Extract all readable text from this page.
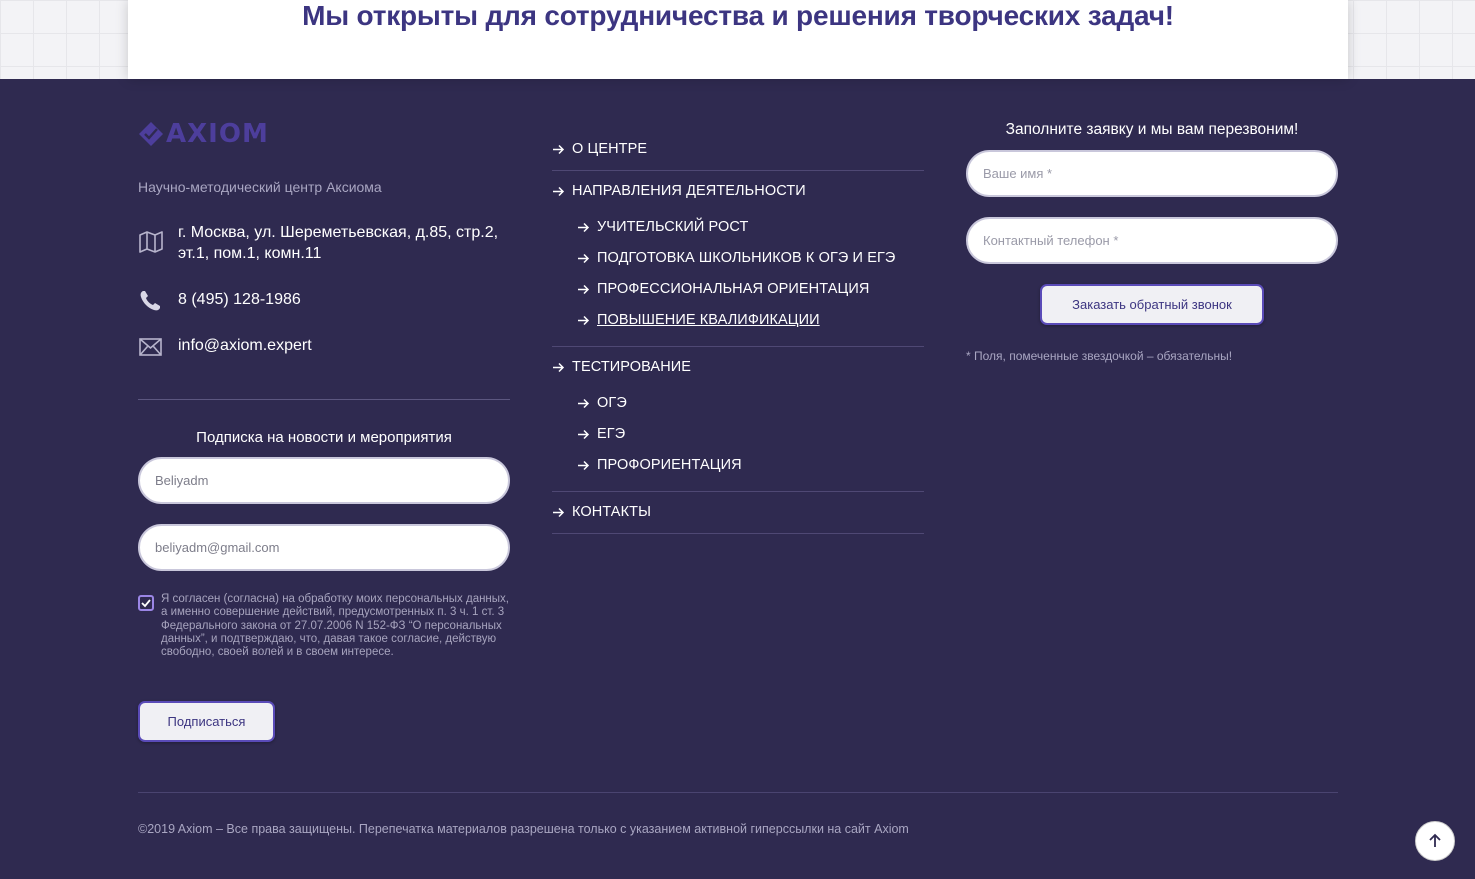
Мы открыты для сотрудничества и решения творческих задач!
AXIOM
Научно-методический центр Аксиома
г. Москва, ул. Шереметьевская, д.85, стр.2, эт.1, пом.1, комн.11
8 (495) 128-1986
info@axiom.expert
Подписка на новости и мероприятия
Beliyadm
beliyadm@gmail.com
Я согласен (согласна) на обработку моих персональных данных, а именно совершение действий, предусмотренных п. 3 ч. 1 ст. 3 Федерального закона от 27.07.2006 N 152-ФЗ “О персональных данных”, и подтверждаю, что, давая такое согласие, действую свободно, своей волей и в своем интересе.
Подписаться
О ЦЕНТРЕ
НАПРАВЛЕНИЯ ДЕЯТЕЛЬНОСТИ
УЧИТЕЛЬСКИЙ РОСТ
ПОДГОТОВКА ШКОЛЬНИКОВ К ОГЭ И ЕГЭ
ПРОФЕССИОНАЛЬНАЯ ОРИЕНТАЦИЯ
ПОВЫШЕНИЕ КВАЛИФИКАЦИИ
ТЕСТИРОВАНИЕ
ОГЭ
ЕГЭ
ПРОФОРИЕНТАЦИЯ
КОНТАКТЫ
Заполните заявку и мы вам перезвоним!
Ваше имя *
Контактный телефон *
Заказать обратный звонок
* Поля, помеченные звездочкой – обязательны!
©2019 Axiom – Все права защищены. Перепечатка материалов разрешена только с указанием активной гиперссылки на сайт Axiom
